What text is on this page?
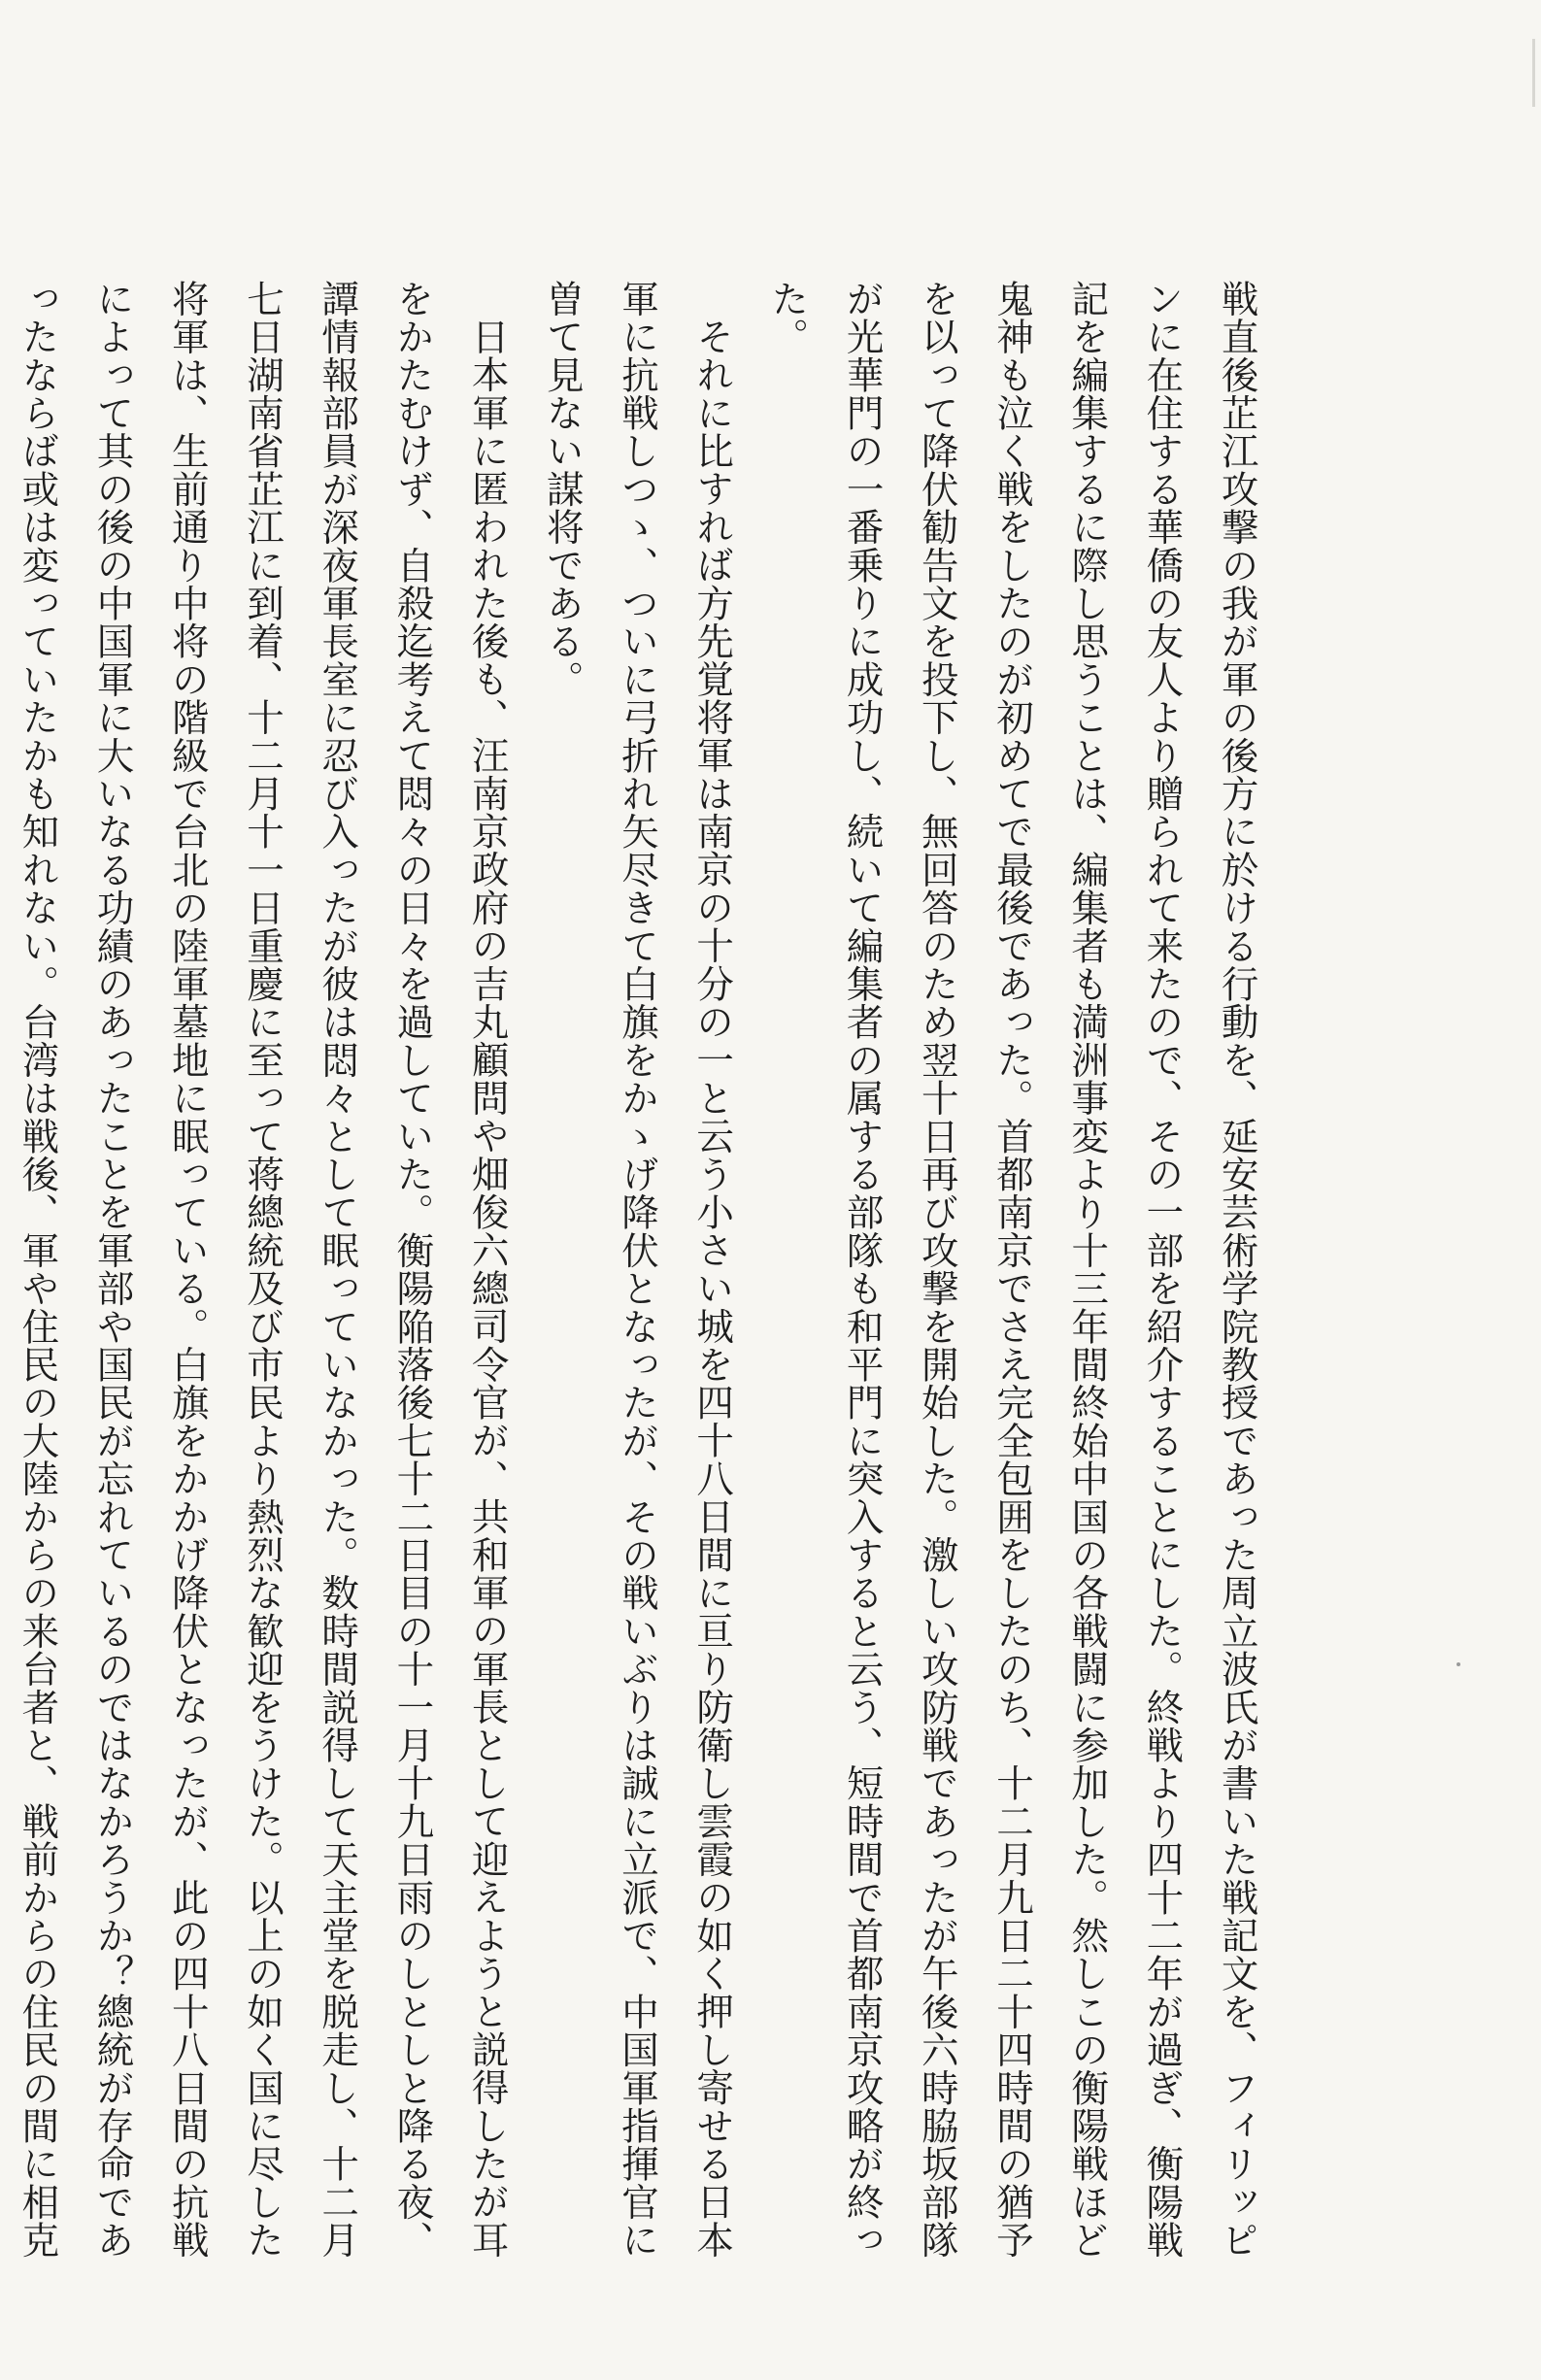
戦直後芷江攻撃の我が軍の後方に於ける行動を、延安芸術学院教授であった周立波氏が書いた戦記文を、フィリッピンに在住する華僑の友人より贈られて来たので、その一部を紹介することにした。終戦より四十二年が過ぎ、衡陽戦記を編集するに際し思うことは、編集者も満洲事変より十三年間終始中国の各戦闘に参加した。然しこの衡陽戦ほど鬼神も泣く戦をしたのが初めてで最後であった。首都南京でさえ完全包囲をしたのち、十二月九日二十四時間の猶予を以って降伏勧告文を投下し、無回答のため翌十日再び攻撃を開始した。激しい攻防戦であったが午後六時脇坂部隊が光華門の一番乗りに成功し、続いて編集者の属する部隊も和平門に突入すると云う、短時間で首都南京攻略が終った。

それに比すれば方先覚将軍は南京の十分の一と云う小さい城を四十八日間に亘り防衛し雲霞の如く押し寄せる日本軍に抗戦しつゝ、ついに弓折れ矢尽きて白旗をかゝげ降伏となったが、その戦いぶりは誠に立派で、中国軍指揮官に曽て見ない謀将である。

日本軍に匿われた後も、汪南京政府の吉丸顧問や畑俊六總司令官が、共和軍の軍長として迎えようと説得したが耳をかたむけず、自殺迄考えて悶々の日々を過していた。衡陽陥落後七十二日目の十一月十九日雨のしとしと降る夜、譚情報部員が深夜軍長室に忍び入ったが彼は悶々として眠っていなかった。数時間説得して天主堂を脱走し、十二月七日湖南省芷江に到着、十二月十一日重慶に至って蒋總統及び市民より熱烈な歓迎をうけた。以上の如く国に尽した将軍は、生前通り中将の階級で台北の陸軍墓地に眠っている。白旗をかかげ降伏となったが、此の四十八日間の抗戦によって其の後の中国軍に大いなる功績のあったことを軍部や国民が忘れているのではなかろうか？總統が存命であったならば或は変っていたかも知れない。台湾は戦後、軍や住民の大陸からの来台者と、戦前からの住民の間に相克
